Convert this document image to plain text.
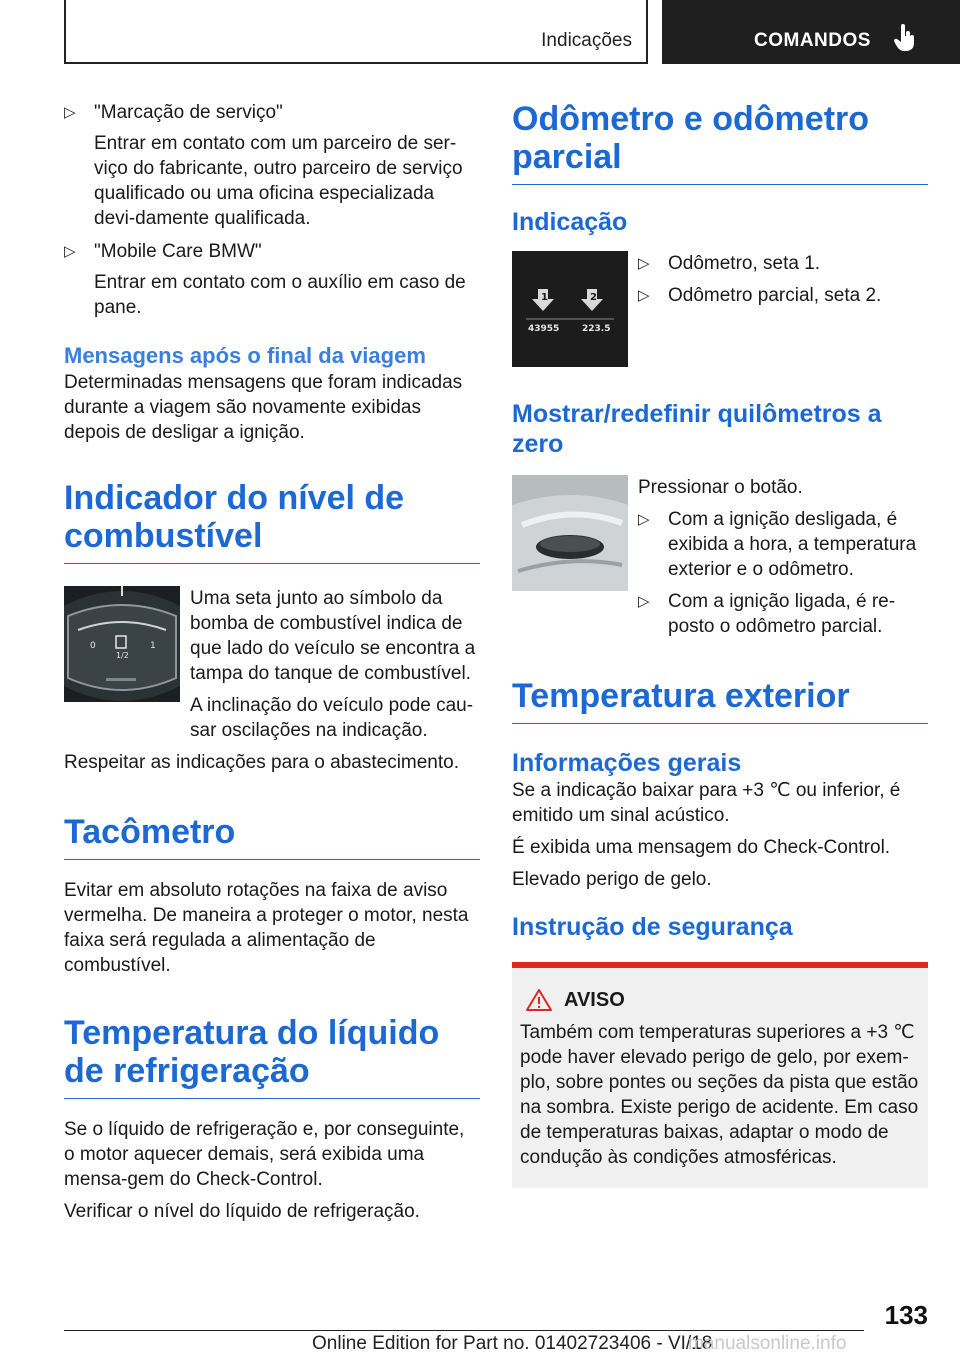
Indicações	COMANDOS
▷ "Marcação de serviço"

Entrar em contato com um parceiro de ser-viço do fabricante, outro parceiro de serviço qualificado ou uma oficina especializada devi-damente qualificada.

▷ "Mobile Care BMW"

Entrar em contato com o auxílio em caso de pane.

Mensagens após o final da viagem

Determinadas mensagens que foram indicadas durante a viagem são novamente exibidas depois de desligar a ignição.

Indicador do nível de combustível
0	1
1/2

Uma seta junto ao símbolo da bomba de combustível indica de que lado do veículo se encontra a tampa do tanque de combustível.

A inclinação do veículo pode cau-sar oscilações na indicação.

Respeitar as indicações para o abastecimento.

Tacômetro

Evitar em absoluto rotações na faixa de aviso vermelha. De maneira a proteger o motor, nesta faixa será regulada a alimentação de combustível.

Temperatura do líquido de refrigeração

Se o líquido de refrigeração e, por conseguinte, o motor aquecer demais, será exibida uma mensa-gem do Check-Control.

Verificar o nível do líquido de refrigeração.

Odômetro e odômetro parcial
Indicação
1	2
43955	223.5
▷ Odômetro, seta 1.

▷ Odômetro parcial, seta 2.

Mostrar/redefinir quilômetros a zero

Pressionar o botão.

▷ Com a ignição desligada, é exibida a hora, a temperatura exterior e o odômetro.

▷ Com a ignição ligada, é re-posto o odômetro parcial.

Temperatura exterior
Informações gerais

Se a indicação baixar para +3 ℃ ou inferior, é emitido um sinal acústico.

É exibida uma mensagem do Check-Control.

Elevado perigo de gelo.

Instrução de segurança
AVISO

Também com temperaturas superiores a +3 ℃ pode haver elevado perigo de gelo, por exem-plo, sobre pontes ou seções da pista que estão na sombra. Existe perigo de acidente. Em caso de temperaturas baixas, adaptar o modo de condução às condições atmosféricas.

133
Online Edition for Part no. 01402723406 - VI/18
manualsonline.info
